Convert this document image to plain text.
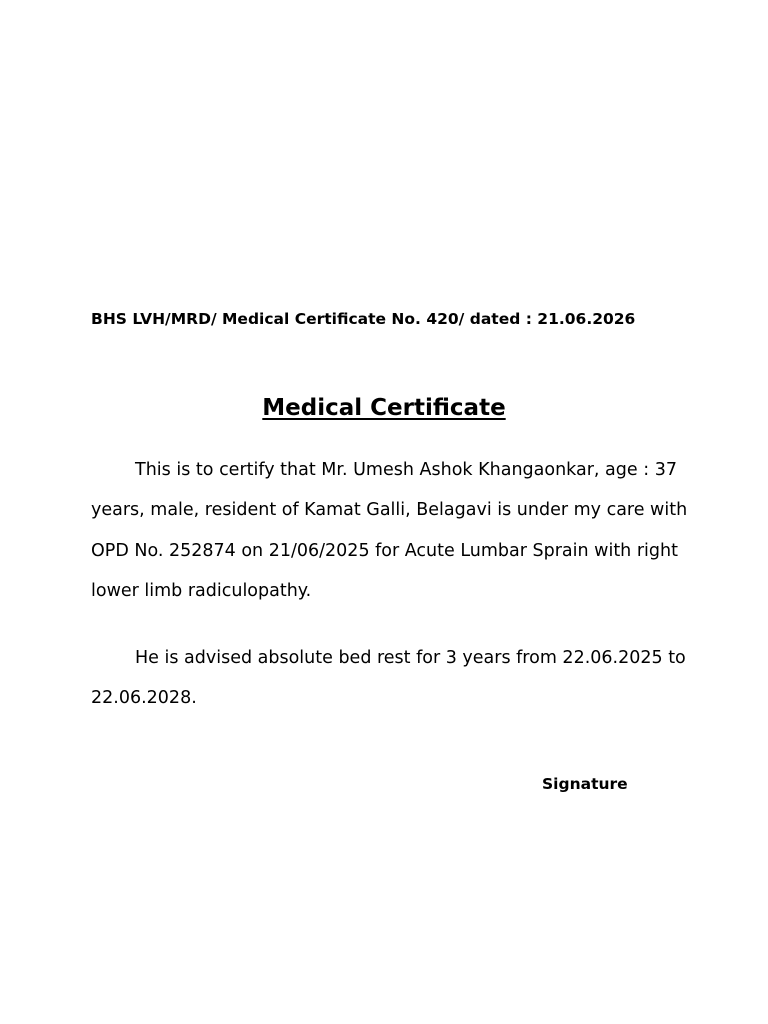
BHS LVH/MRD/ Medical Certificate No. 420/ dated : 21.06.2026
Medical Certificate
This is to certify that Mr. Umesh Ashok Khangaonkar, age : 37
years, male, resident of Kamat Galli, Belagavi is under my care with
OPD No. 252874 on 21/06/2025 for Acute Lumbar Sprain with right
lower limb radiculopathy.
He is advised absolute bed rest for 3 years from 22.06.2025 to
22.06.2028.
Signature
